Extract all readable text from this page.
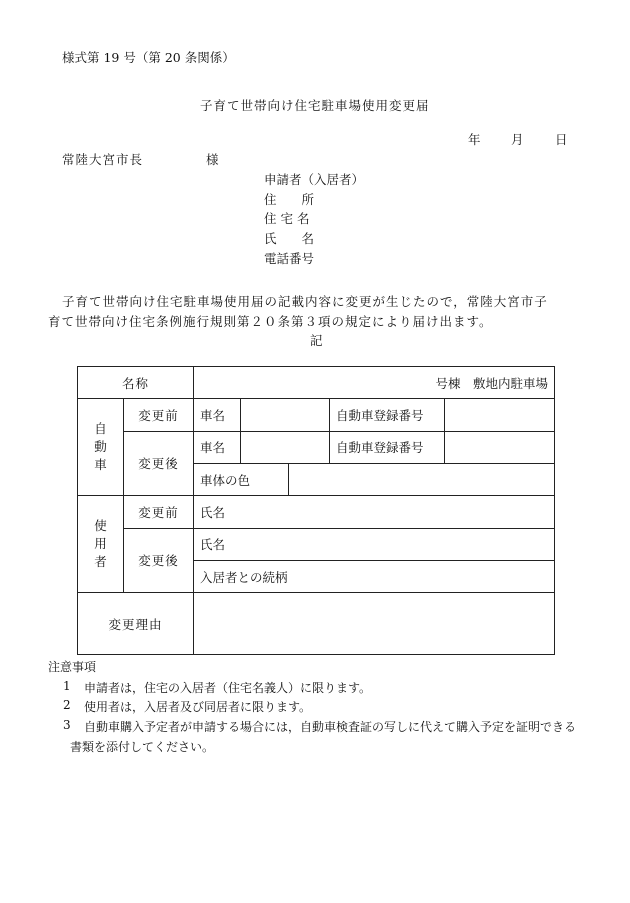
様式第 19 号（第 20 条関係）
子育て世帯向け住宅駐車場使用変更届
年 月	日
常陸大宮市長	様
申請者（入居者）
住　　所
住 宅 名
氏　　名
電話番号
子育て世帯向け住宅駐車場使用届の記載内容に変更が生じたので，常陸大宮市子
育て世帯向け住宅条例施行規則第２０条第３項の規定により届け出ます。
記
名称		号棟　敷地内駐車場				
自動車	変更前	車名			自動車登録番号	
	変更後	車名			自動車登録番号	
		車体の色				
使用者	変更前	氏名				
	変更後	氏名				
		入居者との続柄				
変更理由						
注意事項
1 申請者は，住宅の入居者（住宅名義人）に限ります。
2 使用者は，入居者及び同居者に限ります。
3 自動車購入予定者が申請する場合には，自動車検査証の写しに代えて購入予定を証明できる
書類を添付してください。
